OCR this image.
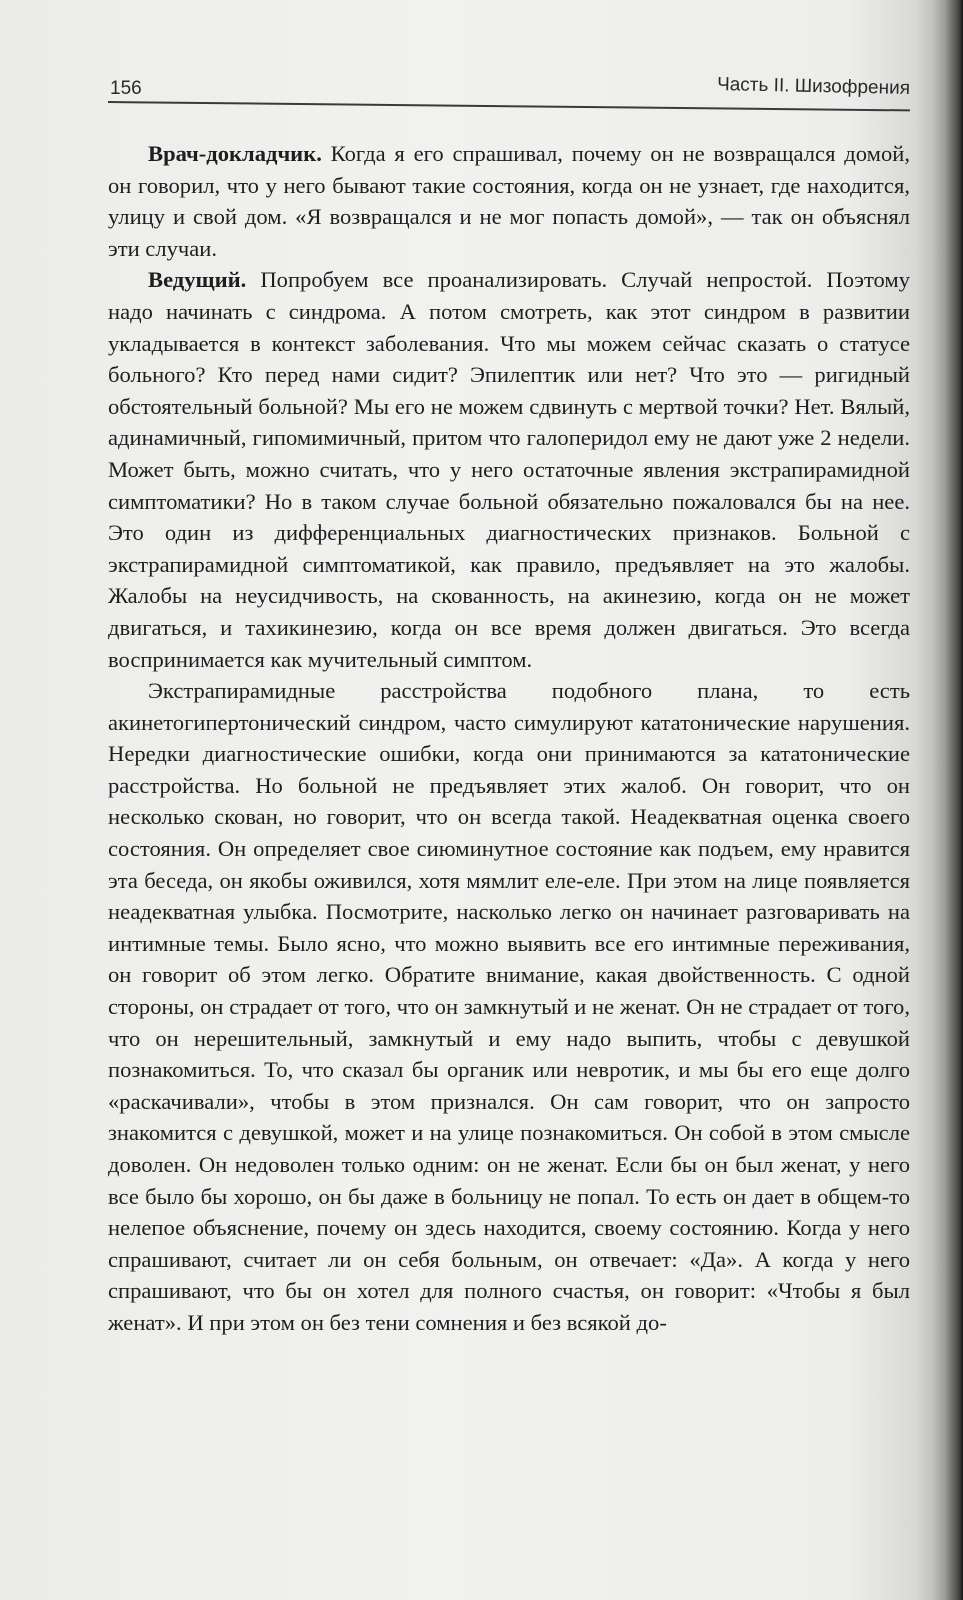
156	Часть II. Шизофрения

Врач-докладчик. Когда я его спрашивал, почему он не возвращался домой, он говорил, что у него бывают такие состояния, когда он не узнает, где находится, улицу и свой дом. «Я возвращался и не мог попасть домой», — так он объяснял эти случаи.

Ведущий. Попробуем все проанализировать. Случай непростой. Поэтому надо начинать с синдрома. А потом смотреть, как этот синдром в развитии укладывается в контекст заболевания. Что мы можем сейчас сказать о статусе больного? Кто перед нами сидит? Эпилептик или нет? Что это — ригидный обстоятельный больной? Мы его не можем сдвинуть с мертвой точки? Нет. Вялый, адинамичный, гипомимичный, притом что галоперидол ему не дают уже 2 недели. Может быть, можно считать, что у него остаточные явления экстрапирамидной симптоматики? Но в таком случае больной обязательно пожаловался бы на нее. Это один из дифференциальных диагностических признаков. Больной с экстрапирамидной симптоматикой, как правило, предъявляет на это жалобы. Жалобы на неусидчивость, на скованность, на акинезию, когда он не может двигаться, и тахикинезию, когда он все время должен двигаться. Это всегда воспринимается как мучительный симптом.

Экстрапирамидные расстройства подобного плана, то есть акинетогипертонический синдром, часто симулируют кататонические нарушения. Нередки диагностические ошибки, когда они принимаются за кататонические расстройства. Но больной не предъявляет этих жалоб. Он говорит, что он несколько скован, но говорит, что он всегда такой. Неадекватная оценка своего состояния. Он определяет свое сиюминутное состояние как подъем, ему нравится эта беседа, он якобы оживился, хотя мямлит еле-еле. При этом на лице появляется неадекватная улыбка. Посмотрите, насколько легко он начинает разговаривать на интимные темы. Было ясно, что можно выявить все его интимные переживания, он говорит об этом легко. Обратите внимание, какая двойственность. С одной стороны, он страдает от того, что он замкнутый и не женат. Он не страдает от того, что он нерешительный, замкнутый и ему надо выпить, чтобы с девушкой познакомиться. То, что сказал бы органик или невротик, и мы бы его еще долго «раскачивали», чтобы в этом признался. Он сам говорит, что он запросто знакомится с девушкой, может и на улице познакомиться. Он собой в этом смысле доволен. Он недоволен только одним: он не женат. Если бы он был женат, у него все было бы хорошо, он бы даже в больницу не попал. То есть он дает в общем-то нелепое объяснение, почему он здесь находится, своему состоянию. Когда у него спрашивают, считает ли он себя больным, он отвечает: «Да». А когда у него спрашивают, что бы он хотел для полного счастья, он говорит: «Чтобы я был женат». И при этом он без тени сомнения и без всякой до-
